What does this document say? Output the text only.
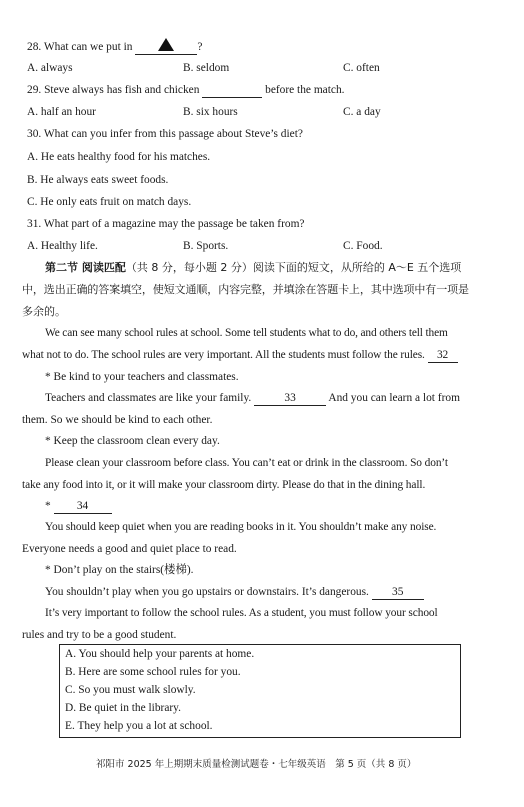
28. What can we put in	?
A. always	B. seldom	C. often
29. Steve always has fish and chicken	before the match.
A. half an hour	B. six hours	C. a day
30. What can you infer from this passage about Steve’s diet?
A. He eats healthy food for his matches.
B. He always eats sweet foods.
C. He only eats fruit on match days.
31. What part of a magazine may the passage be taken from?
A. Healthy life.	B. Sports.	C. Food.
第二节 阅读匹配（共 8 分，每小题 2 分）阅读下面的短文，从所给的 A～E 五个选项
中，选出正确的答案填空，使短文通顺，内容完整，并填涂在答题卡上，其中选项中有一项是
多余的。
We can see many school rules at school. Some tell students what to do, and others tell them
what not to do. The school rules are very important. All the students must follow the rules. 32
* Be kind to your teachers and classmates.
Teachers and classmates are like your family.	33	And you can learn a lot from
them. So we should be kind to each other.
* Keep the classroom clean every day.
Please clean your classroom before class. You can’t eat or drink in the classroom. So don’t
take any food into it, or it will make your classroom dirty. Please do that in the dining hall.
* 34
You should keep quiet when you are reading books in it. You shouldn’t make any noise.
Everyone needs a good and quiet place to read.
* Don’t play on the stairs(楼梯).
You shouldn’t play when you go upstairs or downstairs. It’s dangerous. 35
It’s very important to follow the school rules. As a student, you must follow your school
rules and try to be a good student.
A. You should help your parents at home.
B. Here are some school rules for you.
C. So you must walk slowly.
D. Be quiet in the library.
E. They help you a lot at school.
祁阳市 2025 年上期期末质量检测试题卷・七年级英语　第 5 页（共 8 页）
